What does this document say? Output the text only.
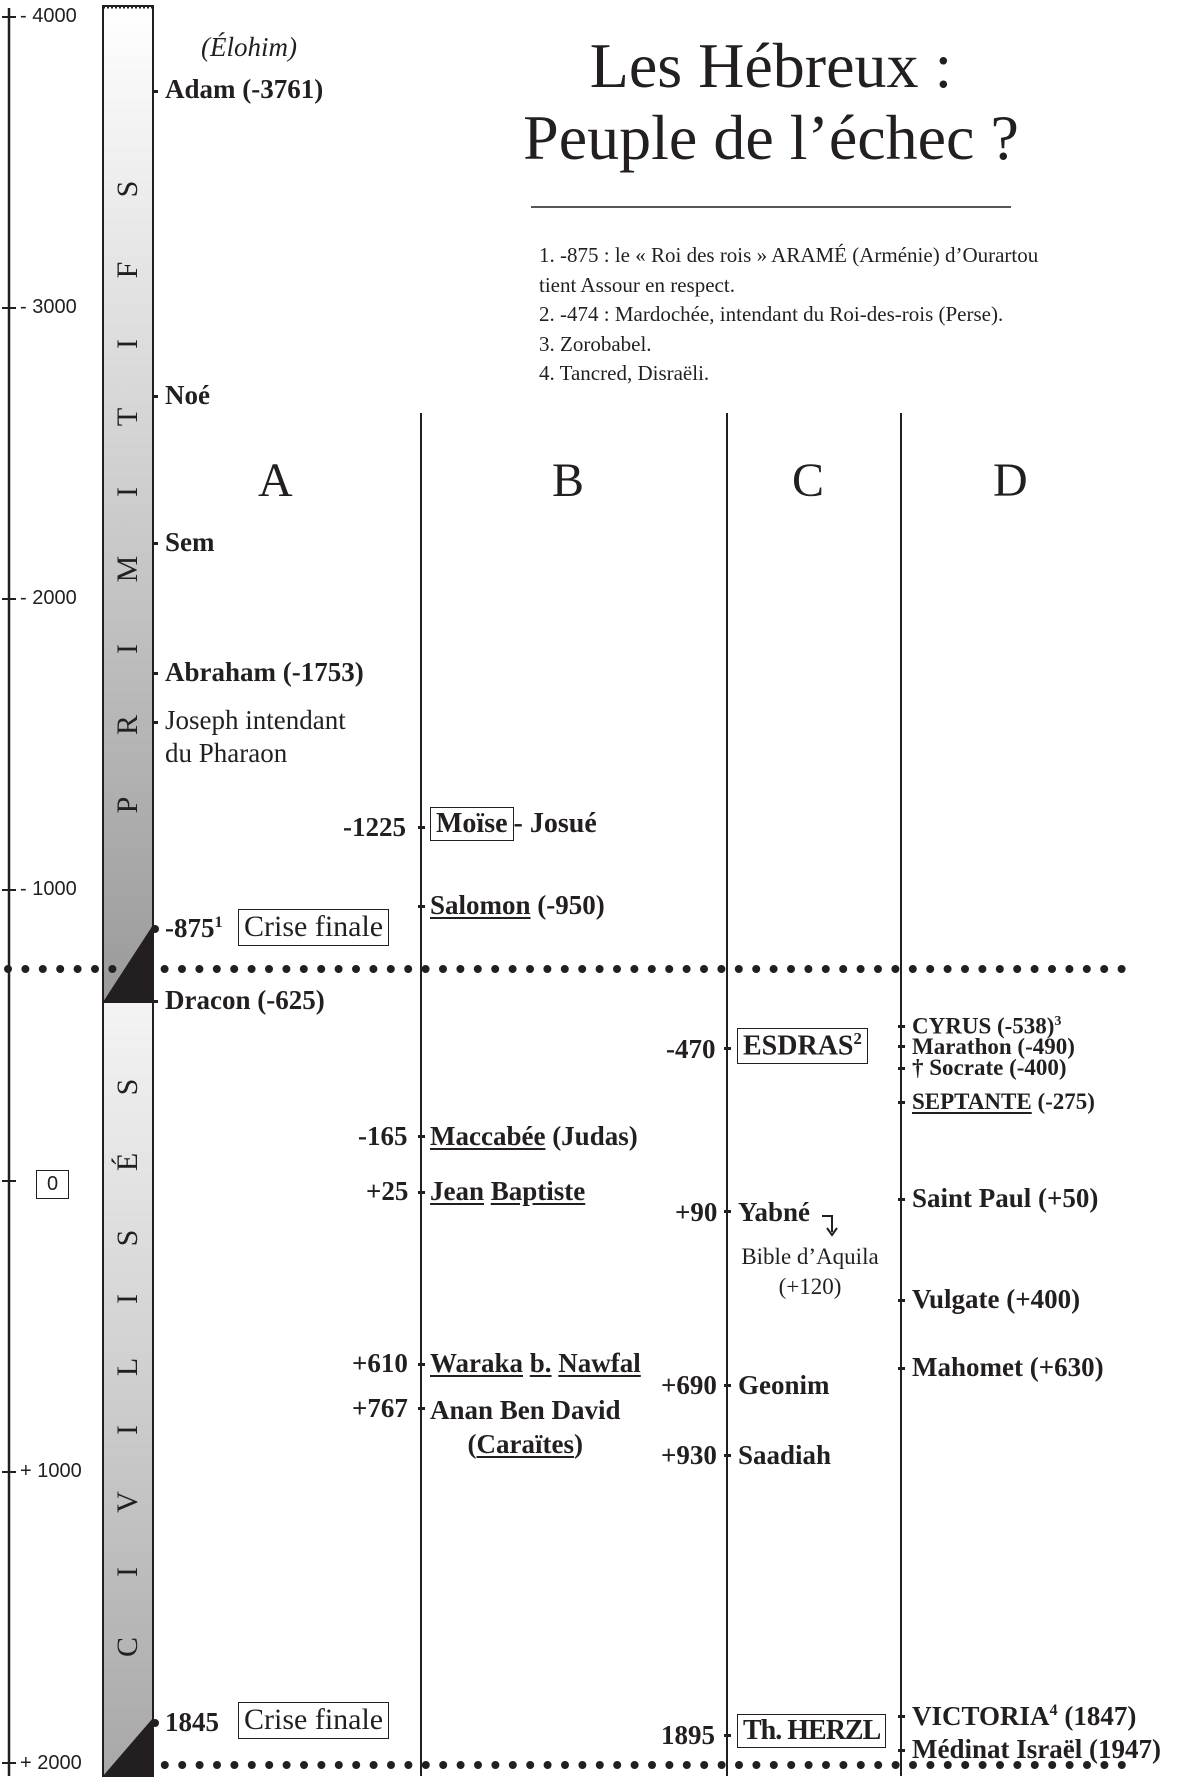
- 4000
- 3000
- 2000
- 1000
0
+ 1000
+ 2000
S
F
I
T
I
M
I
R
P
S
É
S
I
L
I
V
I
C
Les Hébreux :
Peuple de l’échec ?
1. -875 : le « Roi des rois » ARAMÉ (Arménie) d’Ourartou
tient Assour en respect.
2. -474 : Mardochée, intendant du Roi-des-rois (Perse).
3. Zorobabel.
4. Tancred, Disraëli.
A	B	C	D
(Élohim)
Adam (-3761)
Noé
Sem
Abraham (-1753)
Joseph intendant
du Pharaon
$-875^1$ Crise finale
Dracon (-625)
1845 Crise finale
-1225 Moïse - Josué
Salomon (-950)
-165 Maccabée (Judas)
+25 Jean Baptiste
+610 Waraka b. Nawfal
+767 Anan Ben David
(Caraïtes)
-470 $ESDRAS^2$
+90 Yabné
Bible d’Aquila
(+120)
+690 Geonim
+930 Saadiah
1895 Th. HERZL
CYRUS $(-538)^3$
Marathon (-490)
† Socrate (-400)
SEPTANTE (-275)
Saint Paul (+50)
Vulgate (+400)
Mahomet (+630)
VICTORIA$^4$ (1847)
Médinat Israël (1947)
